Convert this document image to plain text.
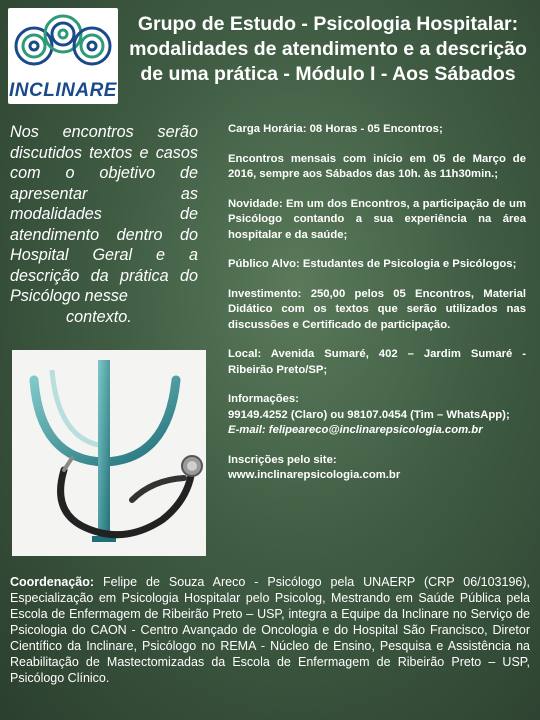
INCLINARE
Grupo de Estudo - Psicologia Hospitalar:
modalidades de atendimento e a descrição
de uma prática - Módulo I - Aos Sábados
Nos encontros serão discutidos textos e casos com o objetivo de apresentar as modalidades de atendimento dentro do Hospital Geral e a descrição da prática do Psicólogo nesse
contexto.

Carga Horária: 08 Horas - 05 Encontros;

Encontros mensais com início em 05 de Março de 2016, sempre aos Sábados das 10h. às 11h30min.;

Novidade: Em um dos Encontros, a participação de um Psicólogo contando a sua experiência na área hospitalar e da saúde;

Público Alvo: Estudantes de Psicologia e Psicólogos;

Investimento: 250,00 pelos 05 Encontros, Material Didático com os textos que serão utilizados nas discussões e Certificado de participação.

Local: Avenida Sumaré, 402 – Jardim Sumaré - Ribeirão Preto/SP;

Informações:
99149.4252 (Claro) ou 98107.0454 (Tim – WhatsApp);
E-mail: felipeareco@inclinarepsicologia.com.br

Inscrições pelo site:
www.inclinarepsicologia.com.br

Coordenação: Felipe de Souza Areco - Psicólogo pela UNAERP (CRP 06/103196), Especialização em Psicologia Hospitalar pelo Psicolog, Mestrando em Saúde Pública pela Escola de Enfermagem de Ribeirão Preto – USP, integra a Equipe da Inclinare no Serviço de Psicologia do CAON - Centro Avançado de Oncologia e do Hospital São Francisco, Diretor Científico da Inclinare, Psicólogo no REMA - Núcleo de Ensino, Pesquisa e Assistência na Reabilitação de Mastectomizadas da Escola de Enfermagem de Ribeirão Preto – USP, Psicólogo Clínico.
